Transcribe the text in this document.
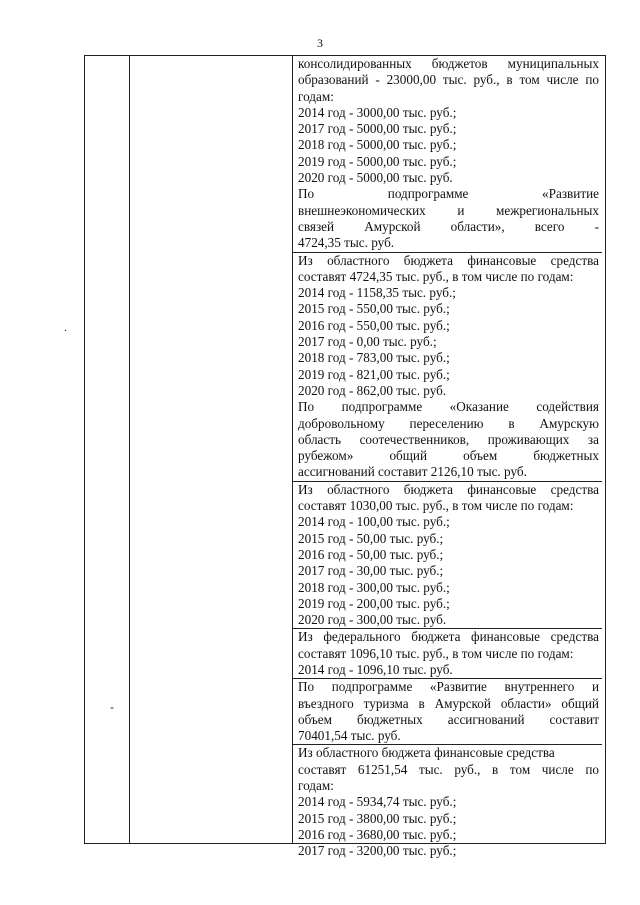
3
.
-
консолидированных бюджетов муниципальных
образований - 23000,00 тыс. руб., в том числе по
годам:
2014 год - 3000,00 тыс. руб.;
2017 год - 5000,00 тыс. руб.;
2018 год - 5000,00 тыс. руб.;
2019 год - 5000,00 тыс. руб.;
2020 год - 5000,00 тыс. руб.
По подпрограмме «Развитие
внешнеэкономических и межрегиональных
связей Амурской области», всего -
4724,35 тыс. руб.
Из областного бюджета финансовые средства
составят 4724,35 тыс. руб., в том числе по годам:
2014 год - 1158,35 тыс. руб.;
2015 год - 550,00 тыс. руб.;
2016 год - 550,00 тыс. руб.;
2017 год - 0,00 тыс. руб.;
2018 год - 783,00 тыс. руб.;
2019 год - 821,00 тыс. руб.;
2020 год - 862,00 тыс. руб.
По подпрограмме «Оказание содействия
добровольному переселению в Амурскую
область соотечественников, проживающих за
рубежом» общий объем бюджетных
ассигнований составит 2126,10 тыс. руб.
Из областного бюджета финансовые средства
составят 1030,00 тыс. руб., в том числе по годам:
2014 год - 100,00 тыс. руб.;
2015 год - 50,00 тыс. руб.;
2016 год - 50,00 тыс. руб.;
2017 год - 30,00 тыс. руб.;
2018 год - 300,00 тыс. руб.;
2019 год - 200,00 тыс. руб.;
2020 год - 300,00 тыс. руб.
Из федерального бюджета финансовые средства
составят 1096,10 тыс. руб., в том числе по годам:
2014 год - 1096,10 тыс. руб.
По подпрограмме «Развитие внутреннего и
въездного туризма в Амурской области» общий
объем бюджетных ассигнований составит
70401,54 тыс. руб.
Из областного бюджета финансовые средства
составят 61251,54 тыс. руб., в том числе по
годам:
2014 год - 5934,74 тыс. руб.;
2015 год - 3800,00 тыс. руб.;
2016 год - 3680,00 тыс. руб.;
2017 год - 3200,00 тыс. руб.;
